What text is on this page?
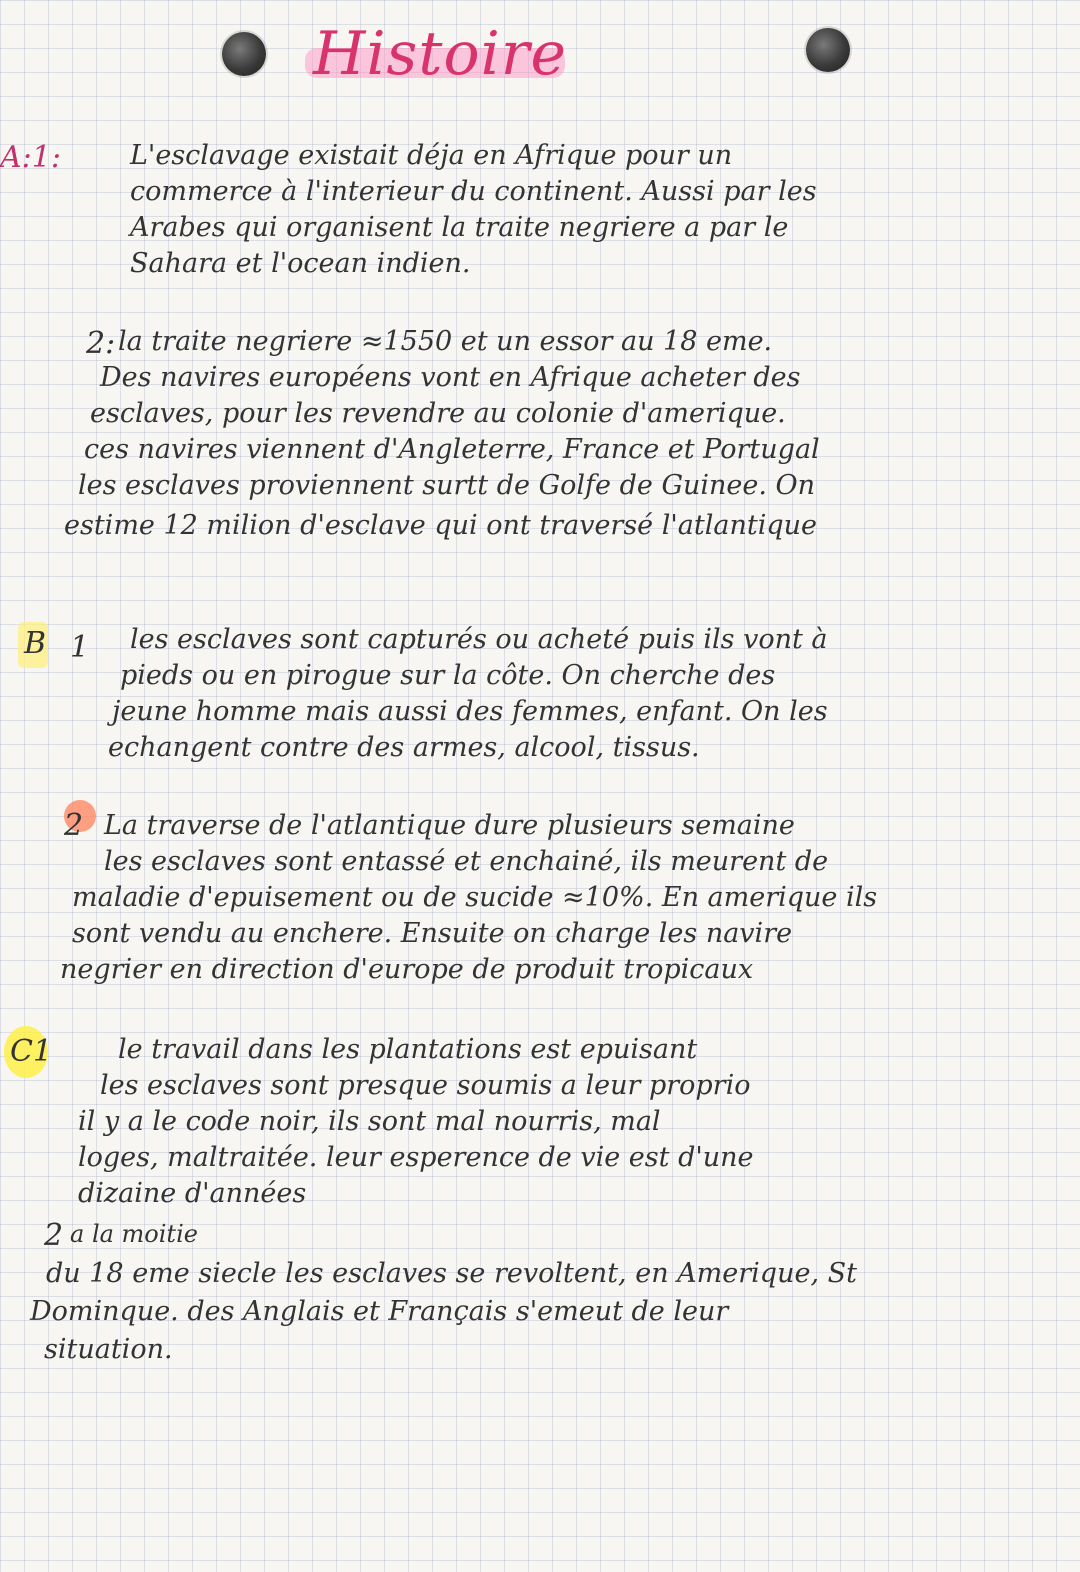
Histoire
A:1:	L'esclavage existait déja en Afrique pour un
commerce à l'interieur du continent. Aussi par les
Arabes qui organisent la traite negriere a par le
Sahara et l'ocean indien.
2: la traite negriere ≈1550 et un essor au 18 eme.
Des navires européens vont en Afrique acheter des
esclaves, pour les revendre au colonie d'amerique.
ces navires viennent d'Angleterre, France et Portugal
les esclaves proviennent surtt de Golfe de Guinee. On
estime 12 milion d'esclave qui ont traversé l'atlantique
B 1 les esclaves sont capturés ou acheté puis ils vont à
pieds ou en pirogue sur la côte. On cherche des
jeune homme mais aussi des femmes, enfant. On les
echangent contre des armes, alcool, tissus.
2 La traverse de l'atlantique dure plusieurs semaine
les esclaves sont entassé et enchainé, ils meurent de
maladie d'epuisement ou de sucide ≈10%. En amerique ils
sont vendu au enchere. Ensuite on charge les navire
negrier en direction d'europe de produit tropicaux
C1 le travail dans les plantations est epuisant
les esclaves sont presque soumis a leur proprio
il y a le code noir, ils sont mal nourris, mal
loges, maltraitée. leur esperence de vie est d'une
dizaine d'années
2 a la moitie
du 18 eme siecle les esclaves se revoltent, en Amerique, St
Dominque. des Anglais et Français s'emeut de leur
situation.
